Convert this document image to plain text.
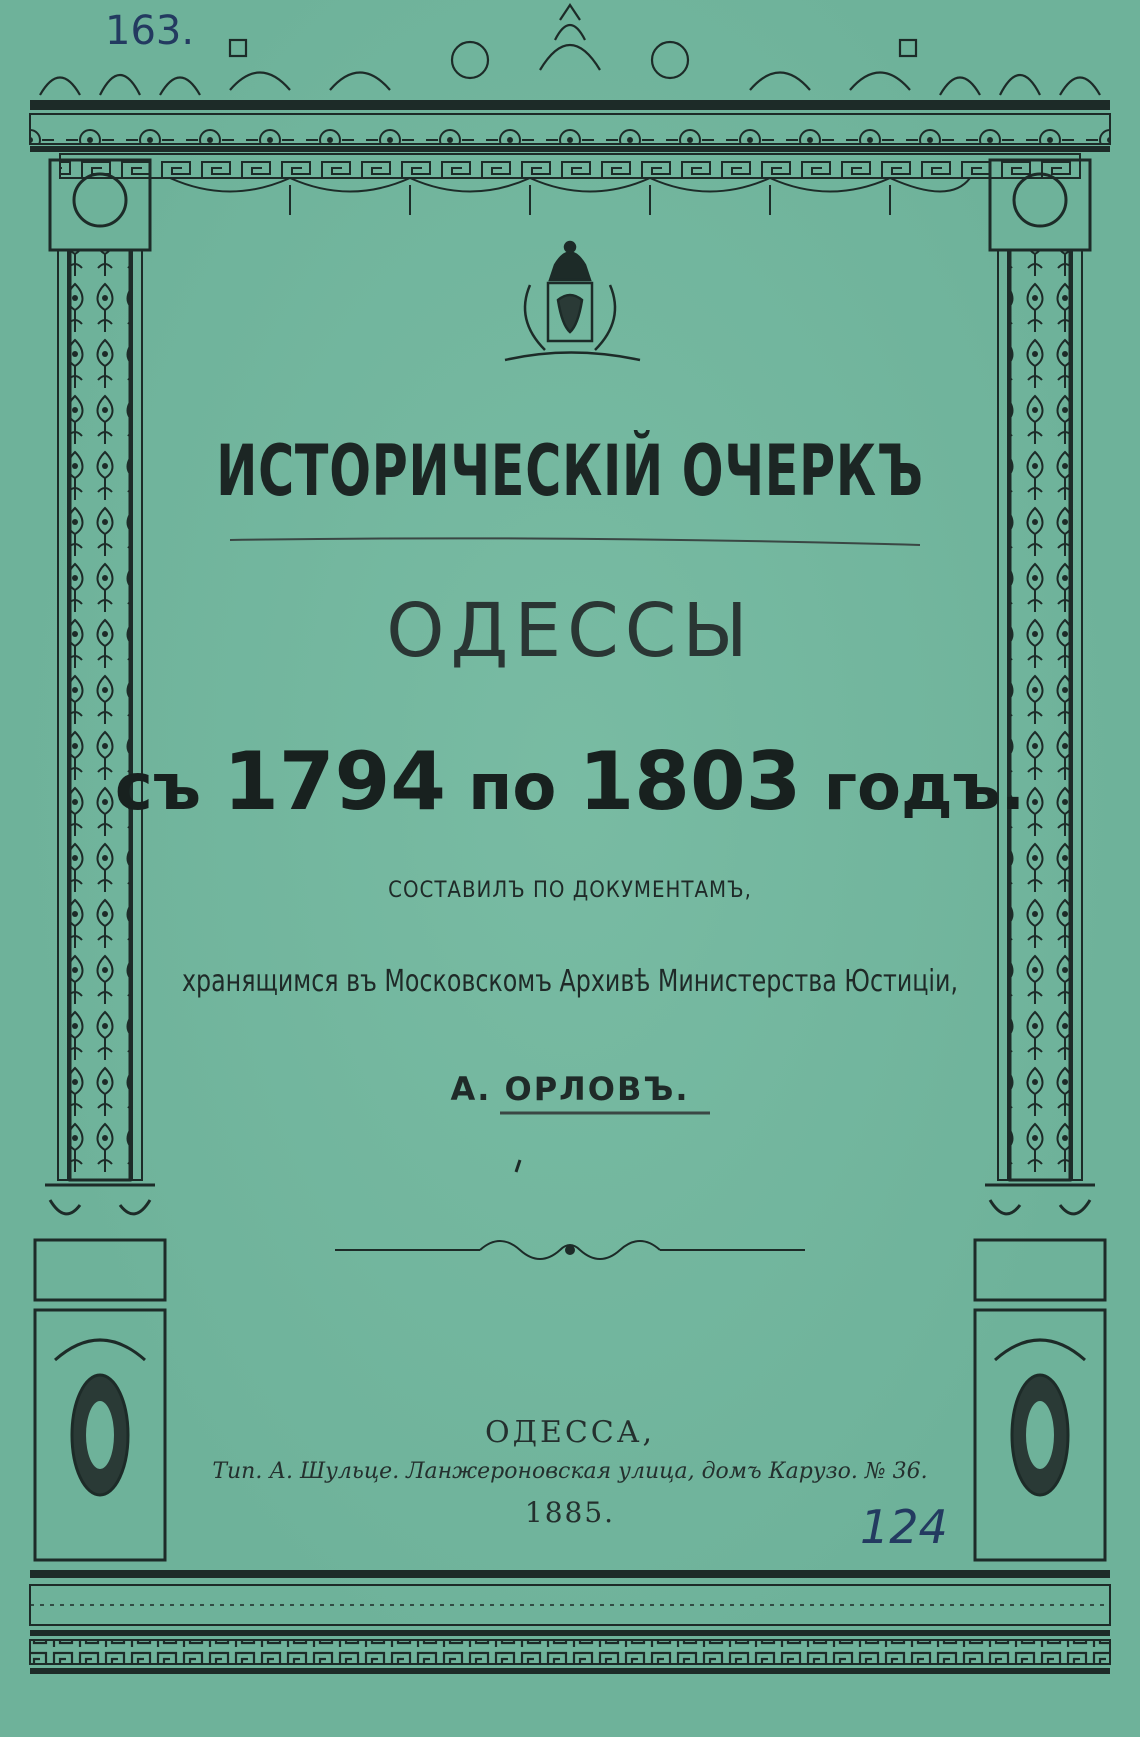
163.
124
ИСТОРИЧЕСКІЙ ОЧЕРКЪ
ОДЕССЫ
съ 1794 по 1803 годъ.
СОСТАВИЛЪ ПО ДОКУМЕНТАМЪ,
хранящимся въ Московскомъ Архивѣ Министерства Юстиціи,
А. ОРЛОВЪ.
ОДЕССА,
Тип. А. Шульце. Ланжероновская улица, домъ Карузо. № 36.
1885.
